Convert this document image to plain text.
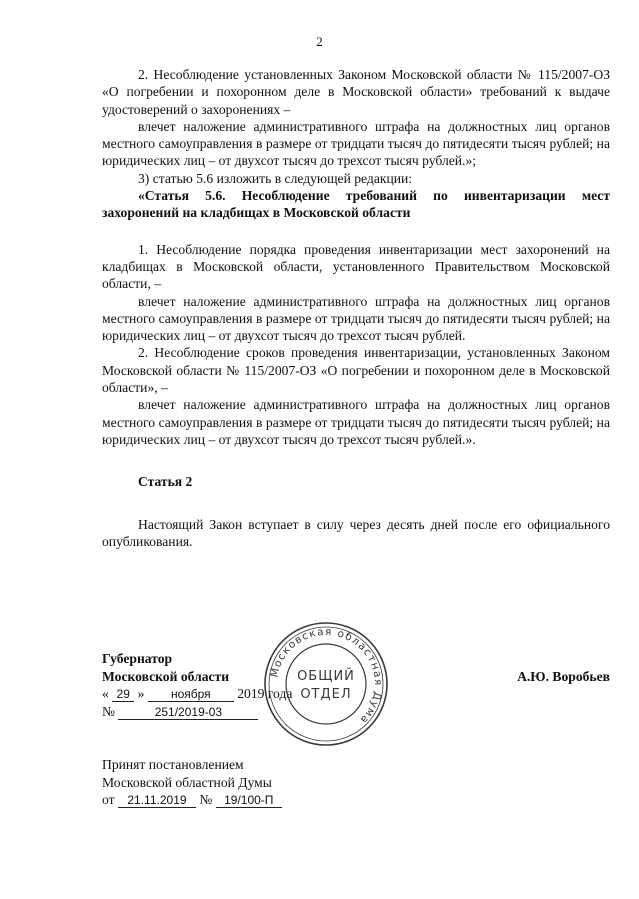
2

2. Несоблюдение установленных Законом Московской области № 115/2007-ОЗ «О погребении и похоронном деле в Московской области» требований к выдаче удостоверений о захоронениях –

влечет наложение административного штрафа на должностных лиц органов местного самоуправления в размере от тридцати тысяч до пятидесяти тысяч рублей; на юридических лиц – от двухсот тысяч до трехсот тысяч рублей.»;

3) статью 5.6 изложить в следующей редакции:

«Статья 5.6. Несоблюдение требований по инвентаризации мест захоронений на кладбищах в Московской области

1. Несоблюдение порядка проведения инвентаризации мест захоронений на кладбищах в Московской области, установленного Правительством Московской области, –

влечет наложение административного штрафа на должностных лиц органов местного самоуправления в размере от тридцати тысяч до пятидесяти тысяч рублей; на юридических лиц – от двухсот тысяч до трехсот тысяч рублей.

2. Несоблюдение сроков проведения инвентаризации, установленных Законом Московской области № 115/2007-ОЗ «О погребении и похоронном деле в Московской области», –

влечет наложение административного штрафа на должностных лиц органов местного самоуправления в размере от тридцати тысяч до пятидесяти тысяч рублей; на юридических лиц – от двухсот тысяч до трехсот тысяч рублей.».

Статья 2

Настоящий Закон вступает в силу через десять дней после его официального опубликования.

Губернатор
Московской области	А.Ю. Воробьев
« 29 » ноября 2019 года
№	251/2019-03
Принят постановлением
Московской областной Думы
от 21.11.2019 № 19/100-П
Московская областная Дума
ОБЩИЙ
ОТДЕЛ
